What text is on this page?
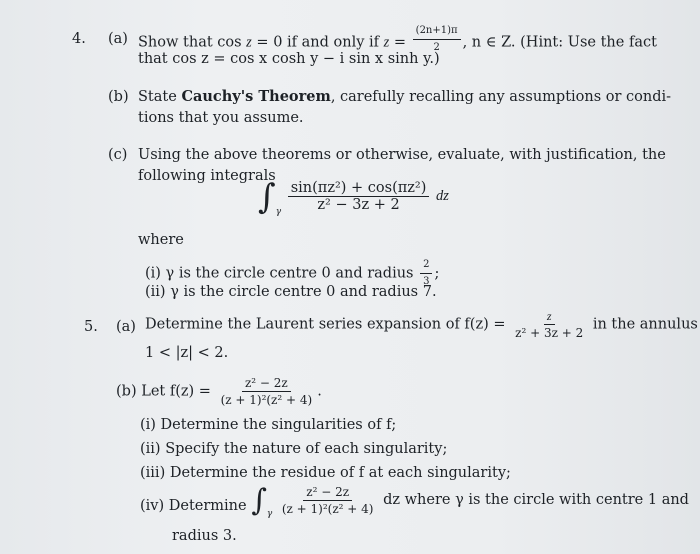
4. (a) Show that cos z = 0 if and only if $z = \frac{(2n+1)\pi}{2}$ , n ∈ Z. (Hint: Use the fact
that cos z = cos x cosh y − i sin x sinh y.)
(b) State Cauchy's Theorem, carefully recalling any assumptions or condi-
tions that you assume.
(c) Using the above theorems or otherwise, evaluate, with justification, the
following integrals
$\int_\gamma$
$\frac{\text{sin(πz²) + cos(πz²)}}{\text{z² − 3z + 2}}$ dz
where
(i) γ is the circle centre 0 and radius $\frac{2}{3}$ ;
(ii) γ is the circle centre 0 and radius 7.
5. (a) Determine the Laurent series expansion of $f(z) = \frac{z}{\text{z² + 3z + 2}}$ in the annulus
1 < |z| < 2.
(b) Let $f(z) = \frac{\text{z² − 2z}}{\text{(z + 1)²(z² + 4)}}$ .
(i) Determine the singularities of f;
(ii) Specify the nature of each singularity;
(iii) Determine the residue of f at each singularity;
(iv) Determine $\int_\gamma \frac{\text{z² − 2z}}{\text{(z + 1)²(z² + 4)}}$ dz where γ is the circle with centre 1 and
radius 3.
